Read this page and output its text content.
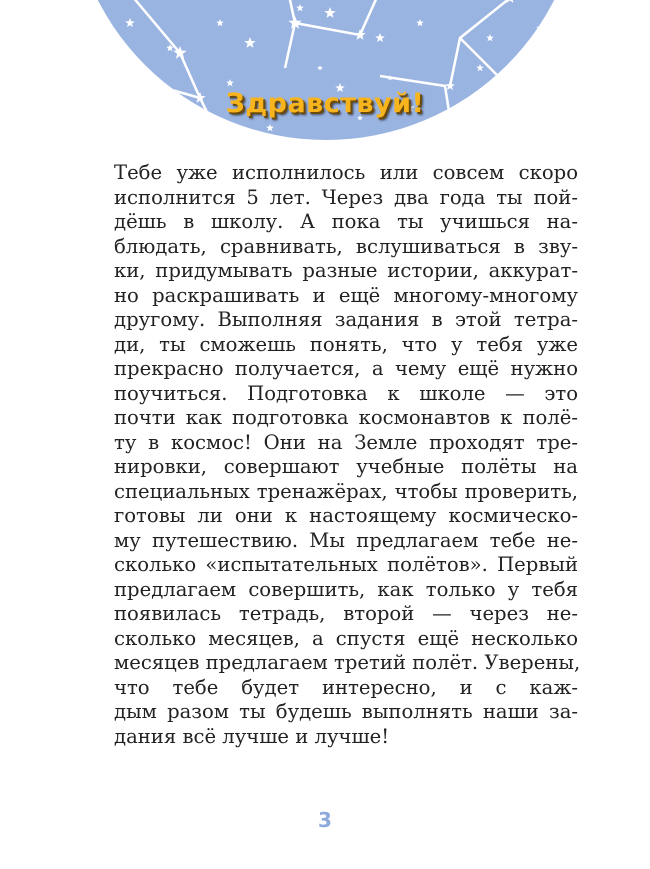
Здравствуй!
Тебе уже исполнилось или совсем скоро
исполнится 5 лет. Через два года ты пой-
дёшь в школу. А пока ты учишься на-
блюдать, сравнивать, вслушиваться в зву-
ки, придумывать разные истории, аккурат-
но раскрашивать и ещё многому-многому
другому. Выполняя задания в этой тетра-
ди, ты сможешь понять, что у тебя уже
прекрасно получается, а чему ещё нужно
поучиться. Подготовка к школе — это
почти как подготовка космонавтов к полё-
ту в космос! Они на Земле проходят тре-
нировки, совершают учебные полёты на
специальных тренажёрах, чтобы проверить,
готовы ли они к настоящему космическо-
му путешествию. Мы предлагаем тебе не-
сколько «испытательных полётов». Первый
предлагаем совершить, как только у тебя
появилась тетрадь, второй — через не-
сколько месяцев, а спустя ещё несколько
месяцев предлагаем третий полёт. Уверены,
что тебе будет интересно, и с каж-
дым разом ты будешь выполнять наши за-
дания всё лучше и лучше!
3
